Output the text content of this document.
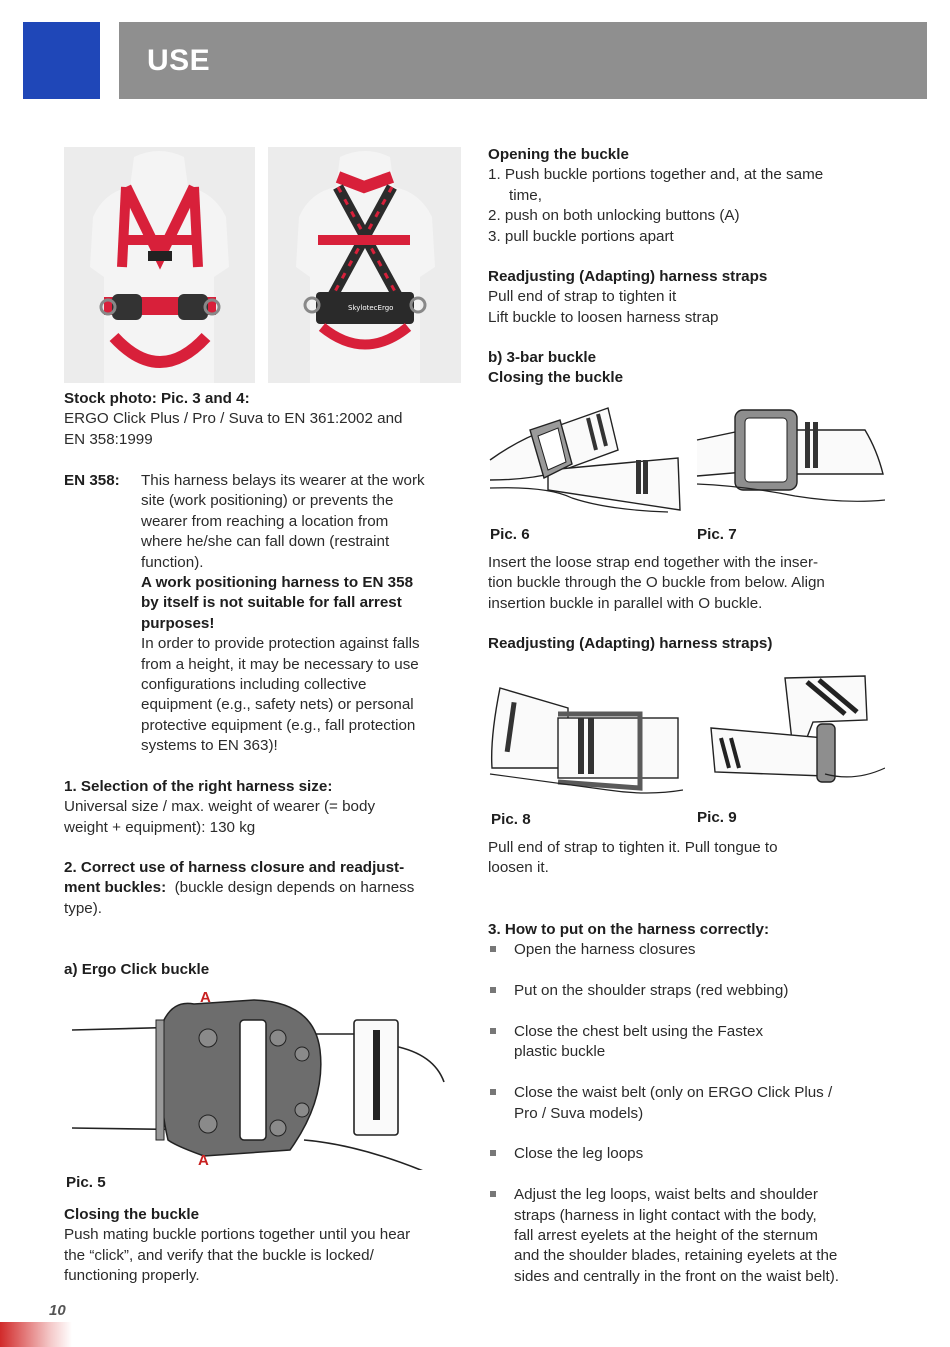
USE
SkylotecErgo

Stock photo: Pic. 3 and 4:

ERGO Click Plus / Pro / Suva to EN 361:2002 and

EN 358:1999

EN 358: This harness belays its wearer at the work

site (work positioning) or prevents the

wearer from reaching a location from

where he/she can fall down (restraint

function).

A work positioning harness to EN 358

by itself is not suitable for fall arrest

purposes!

In order to provide protection against falls

from a height, it may be necessary to use

configurations including collective

equipment (e.g., safety nets) or personal

protective equipment (e.g., fall protection

systems to EN 363)!

1. Selection of the right harness size:

Universal size / max. weight of wearer (= body

weight + equipment): 130 kg

2. Correct use of harness closure and readjust-

ment buckles: (buckle design depends on harness

type).

a) Ergo Click buckle
A
A
Pic. 5

Closing the buckle

Push mating buckle portions together until you hear

the “click”, and verify that the buckle is locked/

functioning properly.

Opening the buckle

1. Push buckle portions together and, at the same

time,

2. push on both unlocking buttons (A)

3. pull buckle portions apart

Readjusting (Adapting) harness straps

Pull end of strap to tighten it

Lift buckle to loosen harness strap

b) 3-bar buckle

Closing the buckle

Pic. 6	Pic. 7

Insert the loose strap end together with the inser-

tion buckle through the O buckle from below. Align

insertion buckle in parallel with O buckle.

Readjusting (Adapting) harness straps)
Pic. 8	Pic. 9

Pull end of strap to tighten it. Pull tongue to

loosen it.

3. How to put on the harness correctly:

Open the harness closures

Put on the shoulder straps (red webbing)

Close the chest belt using the Fastex

plastic buckle

Close the waist belt (only on ERGO Click Plus /

Pro / Suva models)

Close the leg loops

Adjust the leg loops, waist belts and shoulder

straps (harness in light contact with the body,

fall arrest eyelets at the height of the sternum

and the shoulder blades, retaining eyelets at the

sides and centrally in the front on the waist belt).

10
